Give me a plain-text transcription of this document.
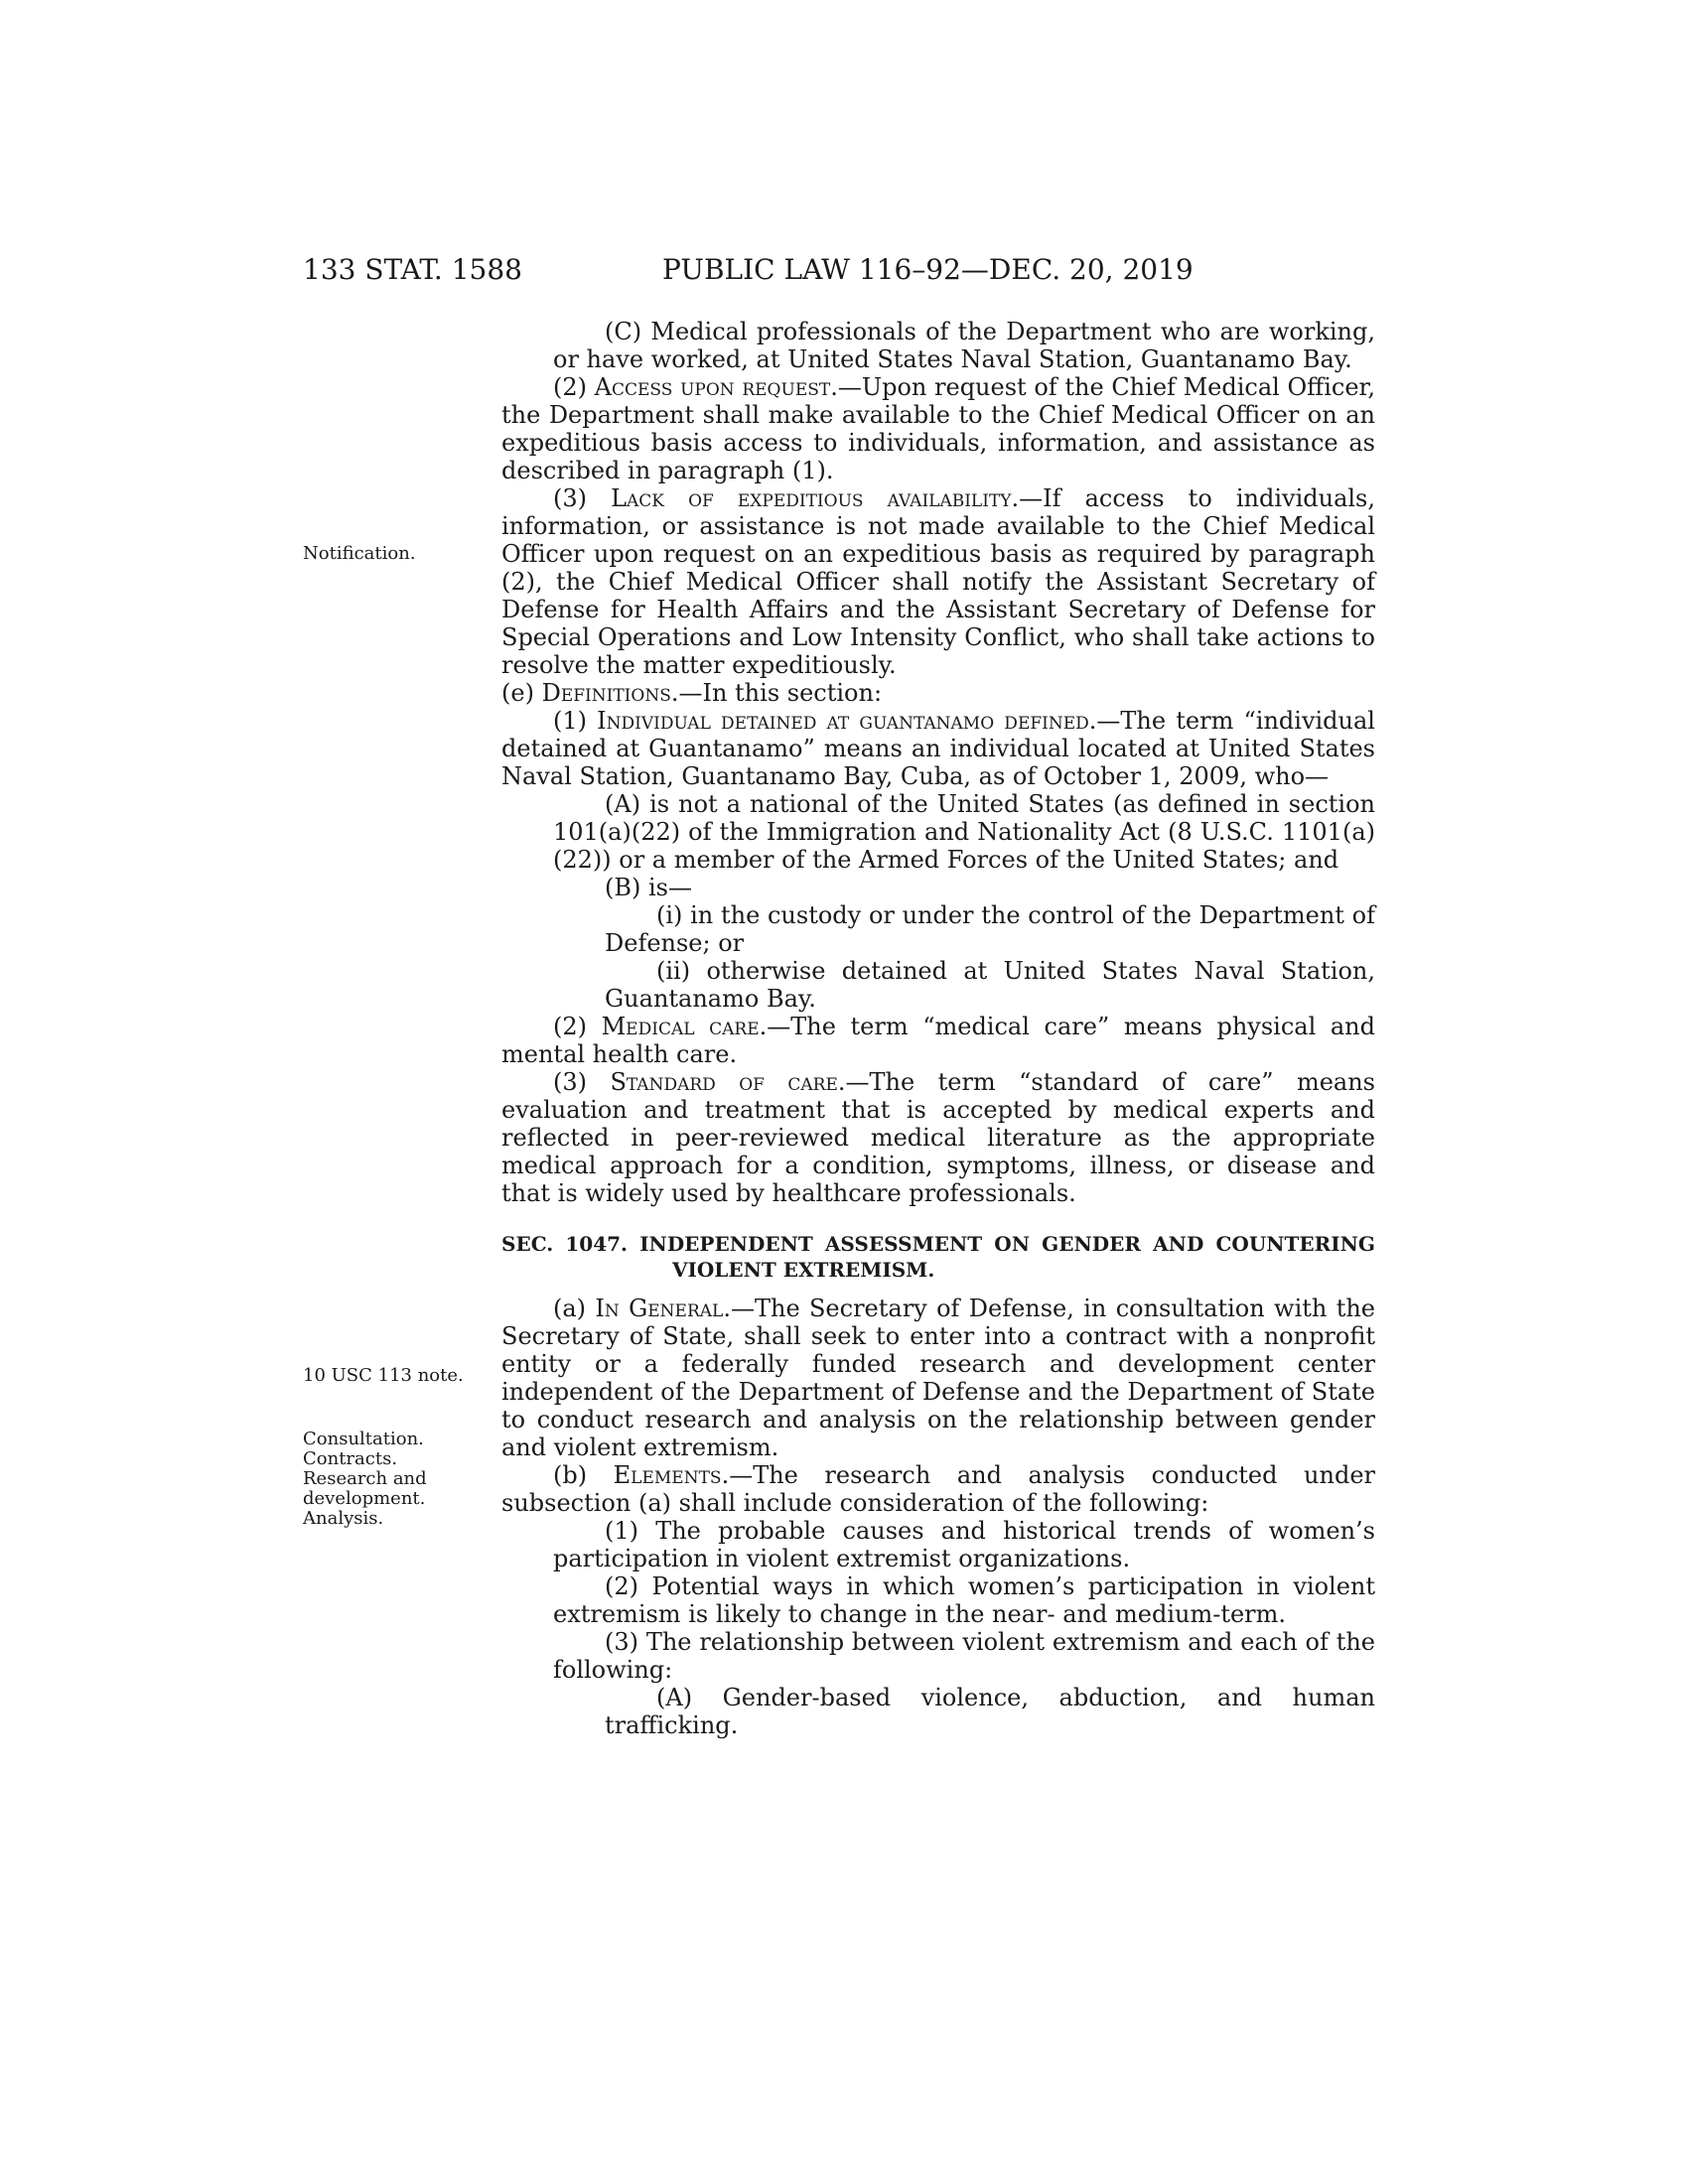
133 STAT. 1588	PUBLIC LAW 116–92—DEC. 20, 2019
Notification.
10 USC 113 note.
Consultation.
Contracts.
Research and
development.
Analysis.

(C) Medical professionals of the Department who are working, or have worked, at United States Naval Station, Guantanamo Bay.

(2) Access upon request.—Upon request of the Chief Medical Officer, the Department shall make available to the Chief Medical Officer on an expeditious basis access to individuals, information, and assistance as described in paragraph (1).

(3) Lack of expeditious availability.—If access to individuals, information, or assistance is not made available to the Chief Medical Officer upon request on an expeditious basis as required by paragraph (2), the Chief Medical Officer shall notify the Assistant Secretary of Defense for Health Affairs and the Assistant Secretary of Defense for Special Operations and Low Intensity Conflict, who shall take actions to resolve the matter expeditiously.

(e) Definitions.—In this section:

(1) Individual detained at guantanamo defined.—The term “individual detained at Guantanamo” means an individual located at United States Naval Station, Guantanamo Bay, Cuba, as of October 1, 2009, who—

(A) is not a national of the United States (as defined in section 101(a)(22) of the Immigration and Nationality Act (8 U.S.C. 1101(a)(22)) or a member of the Armed Forces of the United States; and

(B) is—

(i) in the custody or under the control of the Department of Defense; or

(ii) otherwise detained at United States Naval Station, Guantanamo Bay.

(2) Medical care.—The term “medical care” means physical and mental health care.

(3) Standard of care.—The term “standard of care” means evaluation and treatment that is accepted by medical experts and reflected in peer-reviewed medical literature as the appropriate medical approach for a condition, symptoms, illness, or disease and that is widely used by healthcare professionals.

SEC. 1047. INDEPENDENT ASSESSMENT ON GENDER AND COUNTERING VIOLENT EXTREMISM.

(a) In General.—The Secretary of Defense, in consultation with the Secretary of State, shall seek to enter into a contract with a nonprofit entity or a federally funded research and development center independent of the Department of Defense and the Department of State to conduct research and analysis on the relationship between gender and violent extremism.

(b) Elements.—The research and analysis conducted under subsection (a) shall include consideration of the following:

(1) The probable causes and historical trends of women’s participation in violent extremist organizations.

(2) Potential ways in which women’s participation in violent extremism is likely to change in the near- and medium-term.

(3) The relationship between violent extremism and each of the following:

(A) Gender-based violence, abduction, and human trafficking.
